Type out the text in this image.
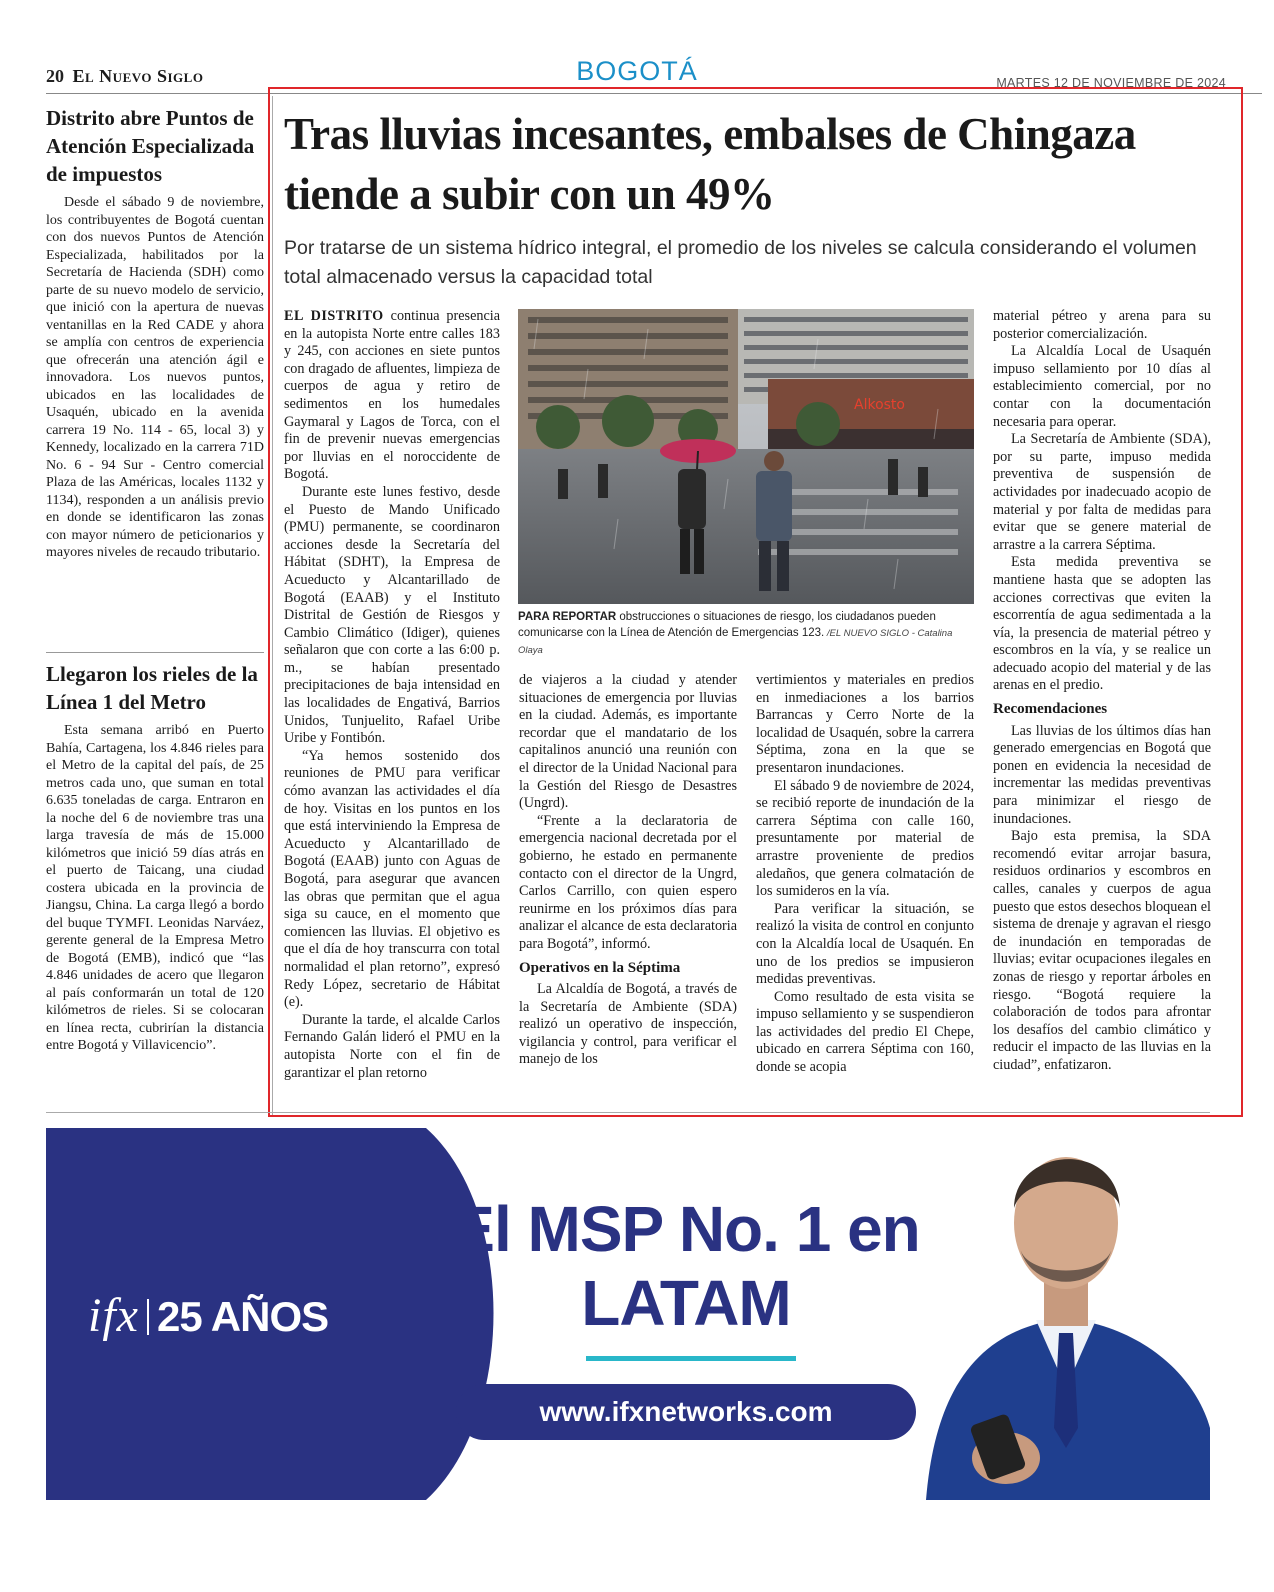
20 El Nuevo Siglo	BOGOTÁ	MARTES 12 DE NOVIEMBRE DE 2024
Distrito abre Puntos de Atención Especializada de impuestos

Desde el sábado 9 de noviembre, los contribuyentes de Bogotá cuentan con dos nuevos Puntos de Atención Especializada, habilitados por la Secretaría de Hacienda (SDH) como parte de su nuevo modelo de servicio, que inició con la apertura de nuevas ventanillas en la Red CADE y ahora se amplía con centros de experiencia que ofrecerán una atención ágil e innovadora. Los nuevos puntos, ubicados en las localidades de Usaquén, ubicado en la avenida carrera 19 No. 114 - 65, local 3) y Kennedy, localizado en la carrera 71D No. 6 - 94 Sur - Centro comercial Plaza de las Américas, locales 1132 y 1134), responden a un análisis previo en donde se identificaron las zonas con mayor número de peticionarios y mayores niveles de recaudo tributario.

Llegaron los rieles de la Línea 1 del Metro

Esta semana arribó en Puerto Bahía, Cartagena, los 4.846 rieles para el Metro de la capital del país, de 25 metros cada uno, que suman en total 6.635 toneladas de carga. Entraron en la noche del 6 de noviembre tras una larga travesía de más de 15.000 kilómetros que inició 59 días atrás en el puerto de Taicang, una ciudad costera ubicada en la provincia de Jiangsu, China. La carga llegó a bordo del buque TYMFI. Leonidas Narváez, gerente general de la Empresa Metro de Bogotá (EMB), indicó que “las 4.846 unidades de acero que llegaron al país conformarán un total de 120 kilómetros de rieles. Si se colocaran en línea recta, cubrirían la distancia entre Bogotá y Villavicencio”.

Tras lluvias incesantes, embalses de Chingaza tiende a subir con un 49%

Por tratarse de un sistema hídrico integral, el promedio de los niveles se calcula considerando el volumen total almacenado versus la capacidad total

EL DISTRITO continua presencia en la autopista Norte entre calles 183 y 245, con acciones en siete puntos con dragado de afluentes, limpieza de cuerpos de agua y retiro de sedimentos en los humedales Gaymaral y Lagos de Torca, con el fin de prevenir nuevas emergencias por lluvias en el noroccidente de Bogotá.

Durante este lunes festivo, desde el Puesto de Mando Unificado (PMU) permanente, se coordinaron acciones desde la Secretaría del Hábitat (SDHT), la Empresa de Acueducto y Alcantarillado de Bogotá (EAAB) y el Instituto Distrital de Gestión de Riesgos y Cambio Climático (Idiger), quienes señalaron que con corte a las 6:00 p. m., se habían presentado precipitaciones de baja intensidad en las localidades de Engativá, Barrios Unidos, Tunjuelito, Rafael Uribe Uribe y Fontibón.

“Ya hemos sostenido dos reuniones de PMU para verificar cómo avanzan las actividades el día de hoy. Visitas en los puntos en los que está interviniendo la Empresa de Acueducto y Alcantarillado de Bogotá (EAAB) junto con Aguas de Bogotá, para asegurar que avancen las obras que permitan que el agua siga su cauce, en el momento que comiencen las lluvias. El objetivo es que el día de hoy transcurra con total normalidad el plan retorno”, expresó Redy López, secretario de Hábitat (e).

Durante la tarde, el alcalde Carlos Fernando Galán lideró el PMU en la autopista Norte con el fin de garantizar el plan retorno

Alkosto
PARA REPORTAR obstrucciones o situaciones de riesgo, los ciudadanos pueden comunicarse con la Línea de Atención de Emergencias 123. /EL NUEVO SIGLO - Catalina Olaya

de viajeros a la ciudad y atender situaciones de emergencia por lluvias en la ciudad. Además, es importante recordar que el mandatario de los capitalinos anunció una reunión con el director de la Unidad Nacional para la Gestión del Riesgo de Desastres (Ungrd).

“Frente a la declaratoria de emergencia nacional decretada por el gobierno, he estado en permanente contacto con el director de la Ungrd, Carlos Carrillo, con quien espero reunirme en los próximos días para analizar el alcance de esta declaratoria para Bogotá”, informó.

Operativos en la Séptima

La Alcaldía de Bogotá, a través de la Secretaría de Ambiente (SDA) realizó un operativo de inspección, vigilancia y control, para verificar el manejo de los

vertimientos y materiales en predios en inmediaciones a los barrios Barrancas y Cerro Norte de la localidad de Usaquén, sobre la carrera Séptima, zona en la que se presentaron inundaciones.

El sábado 9 de noviembre de 2024, se recibió reporte de inundación de la carrera Séptima con calle 160, presuntamente por material de arrastre proveniente de predios aledaños, que genera colmatación de los sumideros en la vía.

Para verificar la situación, se realizó la visita de control en conjunto con la Alcaldía local de Usaquén. En uno de los predios se impusieron medidas preventivas.

Como resultado de esta visita se impuso sellamiento y se suspendieron las actividades del predio El Chepe, ubicado en carrera Séptima con 160, donde se acopia

material pétreo y arena para su posterior comercialización.

La Alcaldía Local de Usaquén impuso sellamiento por 10 días al establecimiento comercial, por no contar con la documentación necesaria para operar.

La Secretaría de Ambiente (SDA), por su parte, impuso medida preventiva de suspensión de actividades por inadecuado acopio de material y por falta de medidas para evitar que se genere material de arrastre a la carrera Séptima.

Esta medida preventiva se mantiene hasta que se adopten las acciones correctivas que eviten la escorrentía de agua sedimentada a la vía, la presencia de material pétreo y escombros en la vía, y se realice un adecuado acopio del material y de las arenas en el predio.

Recomendaciones

Las lluvias de los últimos días han generado emergencias en Bogotá que ponen en evidencia la necesidad de incrementar las medidas preventivas para minimizar el riesgo de inundaciones.

Bajo esta premisa, la SDA recomendó evitar arrojar basura, residuos ordinarios y escombros en calles, canales y cuerpos de agua puesto que estos desechos bloquean el sistema de drenaje y agravan el riesgo de inundación en temporadas de lluvias; evitar ocupaciones ilegales en zonas de riesgo y reportar árboles en riesgo. “Bogotá requiere la colaboración de todos para afrontar los desafíos del cambio climático y reducir el impacto de las lluvias en la ciudad”, enfatizaron.

ifx 25 AÑOS
El MSP No. 1 en LATAM
www.ifxnetworks.com
